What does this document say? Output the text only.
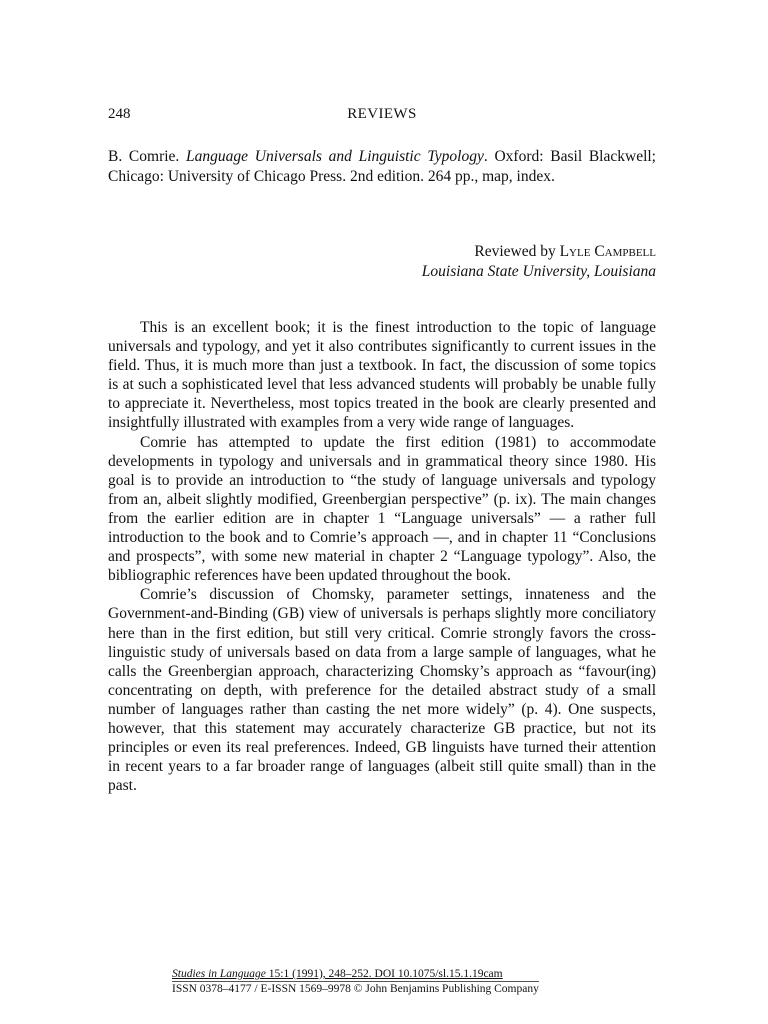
248	REVIEWS
B. Comrie. Language Universals and Linguistic Typology. Oxford: Basil Blackwell; Chicago: University of Chicago Press. 2nd edition. 264 pp., map, index.
Reviewed by Lyle Campbell
Louisiana State University, Louisiana

This is an excellent book; it is the finest introduction to the topic of language universals and typology, and yet it also contributes significantly to current issues in the field. Thus, it is much more than just a textbook. In fact, the discussion of some topics is at such a sophisticated level that less advanced students will probably be unable fully to appreciate it. Nevertheless, most topics treated in the book are clearly presented and insightfully illustrated with examples from a very wide range of languages.

Comrie has attempted to update the first edition (1981) to accommodate developments in typology and universals and in grammatical theory since 1980. His goal is to provide an introduction to “the study of language universals and typology from an, albeit slightly modified, Greenbergian perspective” (p. ix). The main changes from the earlier edition are in chapter 1 “Language universals” — a rather full introduction to the book and to Comrie’s approach —, and in chapter 11 “Conclusions and prospects”, with some new material in chapter 2 “Language typology”. Also, the bibliographic references have been updated throughout the book.

Comrie’s discussion of Chomsky, parameter settings, innateness and the Government-and-Binding (GB) view of universals is perhaps slightly more conciliatory here than in the first edition, but still very critical. Comrie strongly favors the cross-linguistic study of universals based on data from a large sample of languages, what he calls the Greenbergian approach, characterizing Chomsky’s approach as “favour(ing) concentrating on depth, with preference for the detailed abstract study of a small number of languages rather than casting the net more widely” (p. 4). One suspects, however, that this statement may accurately characterize GB practice, but not its principles or even its real preferences. Indeed, GB linguists have turned their attention in recent years to a far broader range of languages (albeit still quite small) than in the past.

Studies in Language 15:1 (1991), 248–252. DOI 10.1075/sl.15.1.19cam
ISSN 0378–4177 / E-ISSN 1569–9978 © John Benjamins Publishing Company
